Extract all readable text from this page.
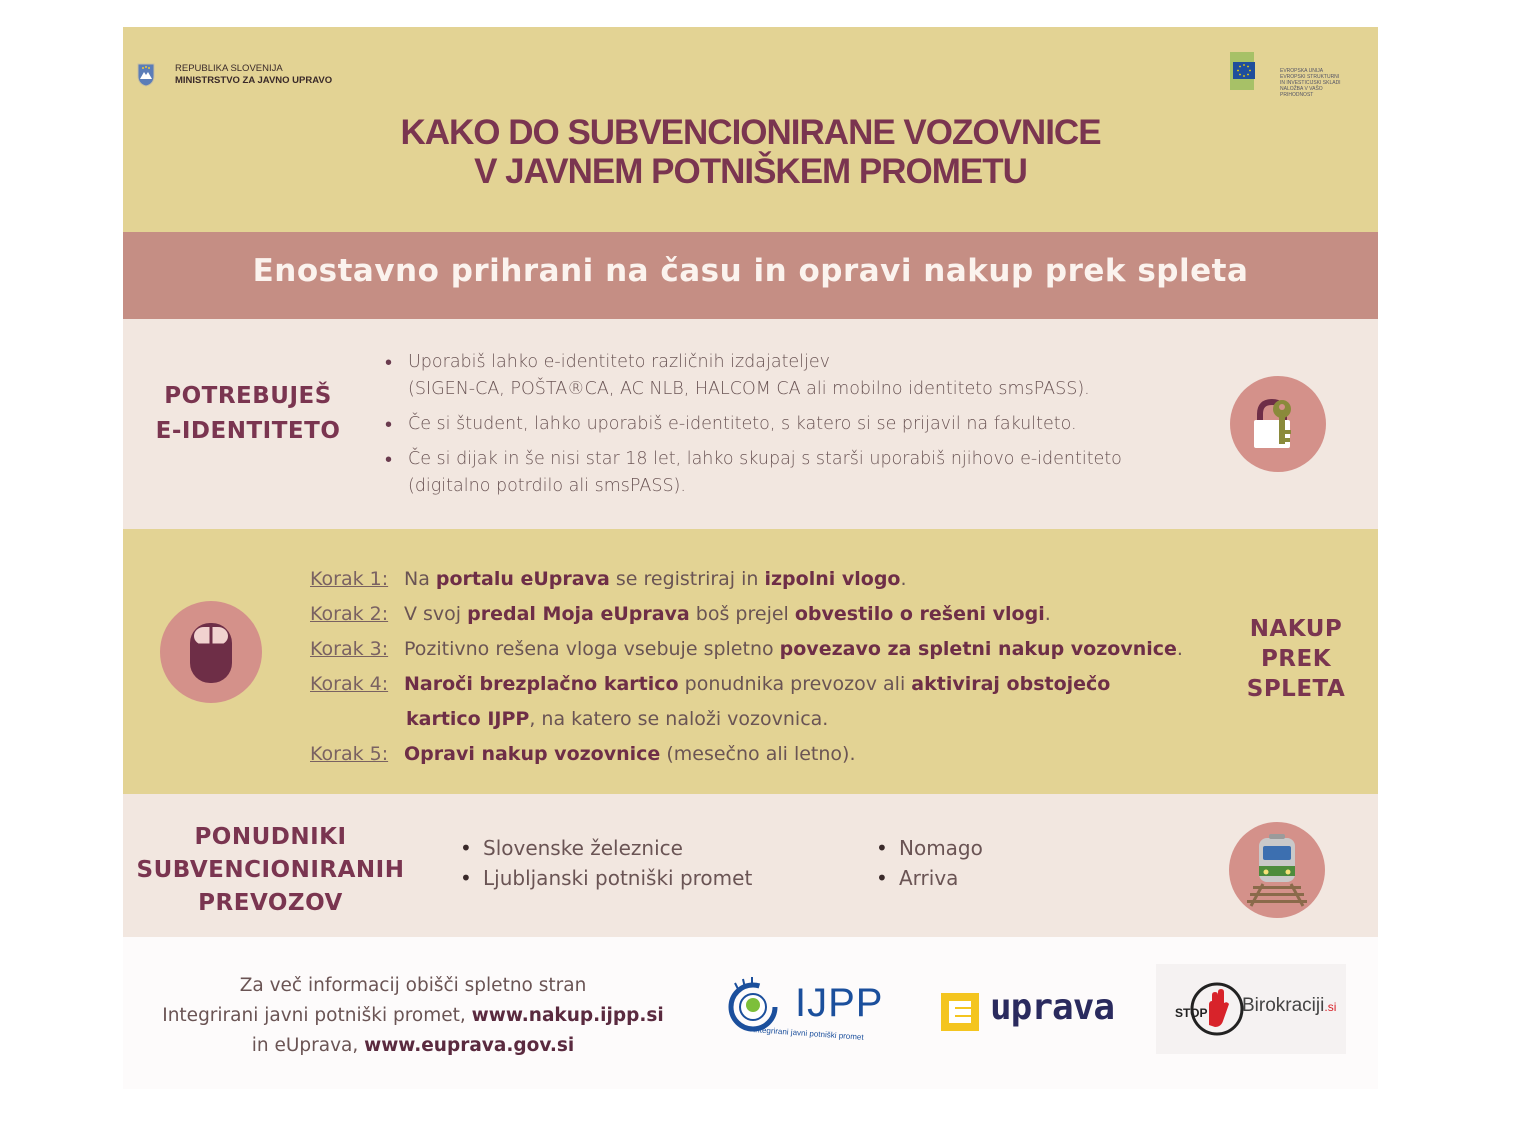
REPUBLIKA SLOVENIJA
MINISTRSTVO ZA JAVNO UPRAVO
EVROPSKA UNIJA EVROPSKI STRUKTURNI IN INVESTICIJSKI SKLADI NALOŽBA V VAŠO PRIHODNOST
KAKO DO SUBVENCIONIRANE VOZOVNICE
V JAVNEM POTNIŠKEM PROMETU
Enostavno prihrani na času in opravi nakup prek spleta
POTREBUJEŠ
E-IDENTITETO
• Uporabiš lahko e-identiteto različnih izdajateljev
(SIGEN-CA, POŠTA®CA, AC NLB, HALCOM CA ali mobilno identiteto smsPASS).
• Če si študent, lahko uporabiš e-identiteto, s katero si se prijavil na fakulteto.
• Če si dijak in še nisi star 18 let, lahko skupaj s starši uporabiš njihovo e-identiteto
(digitalno potrdilo ali smsPASS).
Korak 1: Na portalu eUprava se registriraj in izpolni vlogo.
Korak 2: V svoj predal Moja eUprava boš prejel obvestilo o rešeni vlogi.
Korak 3: Pozitivno rešena vloga vsebuje spletno povezavo za spletni nakup vozovnice.
Korak 4: Naroči brezplačno kartico ponudnika prevozov ali aktiviraj obstoječo
kartico IJPP, na katero se naloži vozovnica.
Korak 5: Opravi nakup vozovnice (mesečno ali letno).
NAKUP
PREK
SPLETA
PONUDNIKI
SUBVENCIONIRANIH
PREVOZOV
• Slovenske železnice
• Ljubljanski potniški promet
• Nomago
• Arriva
Za več informacij obišči spletno stran
Integrirani javni potniški promet, www.nakup.ijpp.si
in eUprava, www.euprava.gov.si
IJPP
Integrirani javni potniški promet
uprava	STOP Birokraciji.si
